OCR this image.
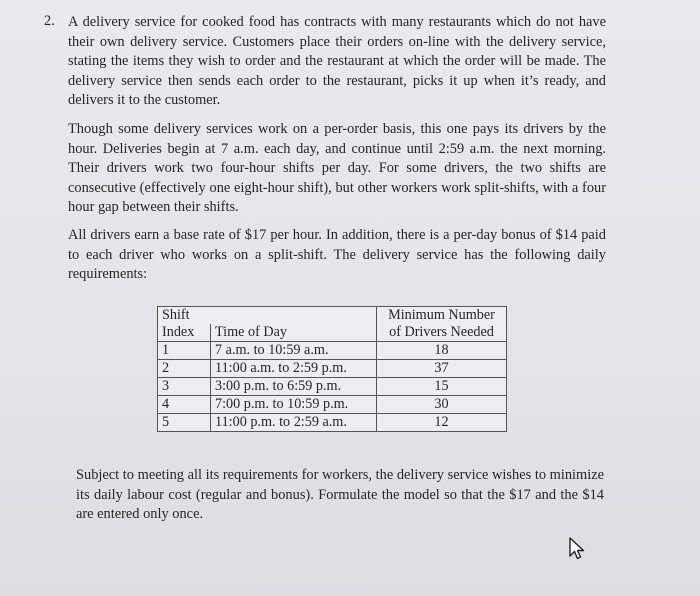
2. A delivery service for cooked food has contracts with many restaurants which do not have their own delivery service. Customers place their orders on-line with the delivery service, stating the items they wish to order and the restaurant at which the order will be made. The delivery service then sends each order to the restaurant, picks it up when it’s ready, and delivers it to the customer.

Though some delivery services work on a per-order basis, this one pays its drivers by the hour. Deliveries begin at 7 a.m. each day, and continue until 2:59 a.m. the next morning. Their drivers work two four-hour shifts per day. For some drivers, the two shifts are consecutive (effectively one eight-hour shift), but other workers work split-shifts, with a four hour gap between their shifts.

All drivers earn a base rate of $17 per hour. In addition, there is a per-day bonus of $14 paid to each driver who works on a split-shift. The delivery service has the following daily requirements:

Shift		Minimum Number
Index	Time of Day	of Drivers Needed
1	7 a.m. to 10:59 a.m.	18
2	11:00 a.m. to 2:59 p.m.	37
3	3:00 p.m. to 6:59 p.m.	15
4	7:00 p.m. to 10:59 p.m.	30
5	11:00 p.m. to 2:59 a.m.	12

Subject to meeting all its requirements for workers, the delivery service wishes to minimize its daily labour cost (regular and bonus). Formulate the model so that the $17 and the $14 are entered only once.
